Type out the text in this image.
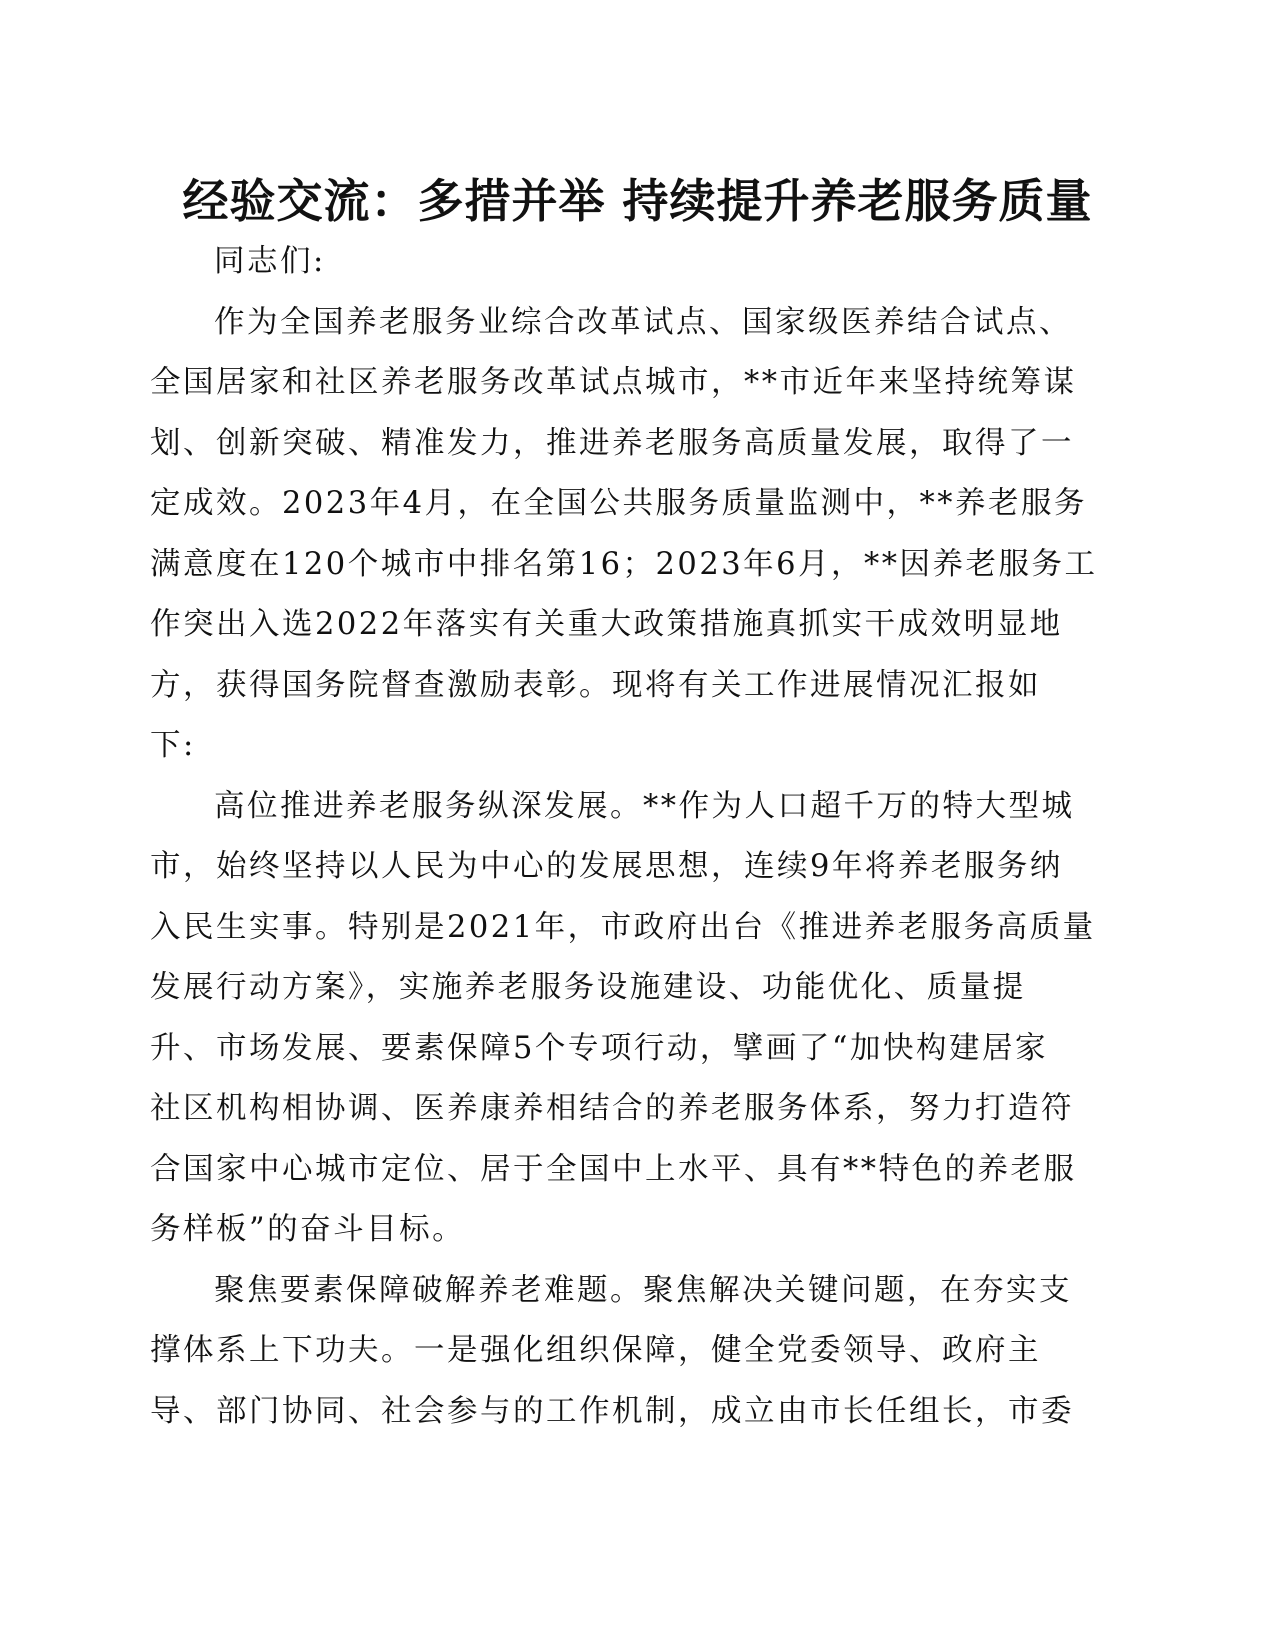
经验交流：多措并举 持续提升养老服务质量

同志们:

作为全国养老服务业综合改革试点、国家级医养结合试点、
全国居家和社区养老服务改革试点城市，**市近年来坚持统筹谋
划、创新突破、精准发力，推进养老服务高质量发展，取得了一
定成效。2023年4月，在全国公共服务质量监测中，**养老服务
满意度在120个城市中排名第16；2023年6月，**因养老服务工
作突出入选2022年落实有关重大政策措施真抓实干成效明显地
方，获得国务院督查激励表彰。现将有关工作进展情况汇报如
下:

高位推进养老服务纵深发展。**作为人口超千万的特大型城
市，始终坚持以人民为中心的发展思想，连续9年将养老服务纳
入民生实事。特别是2021年，市政府出台《推进养老服务高质量
发展行动方案》，实施养老服务设施建设、功能优化、质量提
升、市场发展、要素保障5个专项行动，擘画了“加快构建居家
社区机构相协调、医养康养相结合的养老服务体系，努力打造符
合国家中心城市定位、居于全国中上水平、具有**特色的养老服
务样板”的奋斗目标。

聚焦要素保障破解养老难题。聚焦解决关键问题，在夯实支
撑体系上下功夫。一是强化组织保障，健全党委领导、政府主
导、部门协同、社会参与的工作机制，成立由市长任组长，市委
